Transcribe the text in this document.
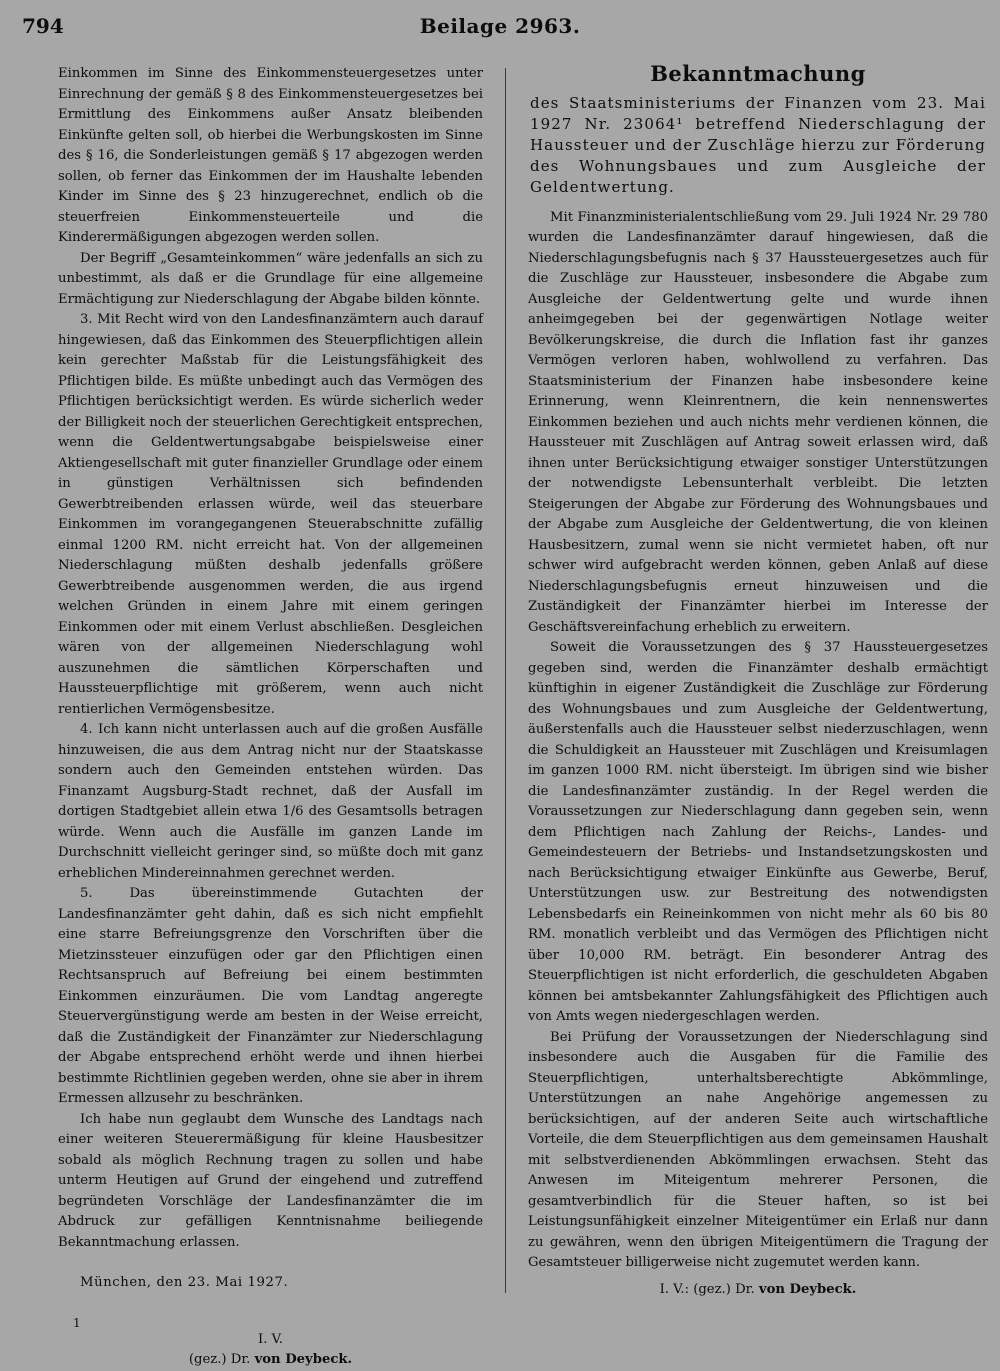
794	Beilage 2963.

Einkommen im Sinne des Einkommensteuergesetzes unter Einrechnung der gemäß § 8 des Einkommensteuergesetzes bei Ermittlung des Einkommens außer Ansatz bleibenden Einkünfte gelten soll, ob hierbei die Werbungskosten im Sinne des § 16, die Sonderleistungen gemäß § 17 abgezogen werden sollen, ob ferner das Einkommen der im Haushalte lebenden Kinder im Sinne des § 23 hinzugerechnet, endlich ob die steuerfreien Einkommensteuerteile und die Kinderermäßigungen abgezogen werden sollen.

Der Begriff „Gesamteinkommen“ wäre jedenfalls an sich zu unbestimmt, als daß er die Grundlage für eine allgemeine Ermächtigung zur Niederschlagung der Abgabe bilden könnte.

3. Mit Recht wird von den Landesfinanzämtern auch darauf hingewiesen, daß das Einkommen des Steuerpflichtigen allein kein gerechter Maßstab für die Leistungsfähigkeit des Pflichtigen bilde. Es müßte unbedingt auch das Vermögen des Pflichtigen berücksichtigt werden. Es würde sicherlich weder der Billigkeit noch der steuerlichen Gerechtigkeit entsprechen, wenn die Geldentwertungsabgabe beispielsweise einer Aktiengesellschaft mit guter finanzieller Grundlage oder einem in günstigen Verhältnissen sich befindenden Gewerbtreibenden erlassen würde, weil das steuerbare Einkommen im vorangegangenen Steuerabschnitte zufällig einmal 1200 RM. nicht erreicht hat. Von der allgemeinen Niederschlagung müßten deshalb jedenfalls größere Gewerbtreibende ausgenommen werden, die aus irgend welchen Gründen in einem Jahre mit einem geringen Einkommen oder mit einem Verlust abschließen. Desgleichen wären von der allgemeinen Niederschlagung wohl auszunehmen die sämtlichen Körperschaften und Haussteuerpflichtige mit größerem, wenn auch nicht rentierlichen Vermögensbesitze.

4. Ich kann nicht unterlassen auch auf die großen Ausfälle hinzuweisen, die aus dem Antrag nicht nur der Staatskasse sondern auch den Gemeinden entstehen würden. Das Finanzamt Augsburg-Stadt rechnet, daß der Ausfall im dortigen Stadtgebiet allein etwa 1/6 des Gesamtsolls betragen würde. Wenn auch die Ausfälle im ganzen Lande im Durchschnitt vielleicht geringer sind, so müßte doch mit ganz erheblichen Mindereinnahmen gerechnet werden.

5. Das übereinstimmende Gutachten der Landesfinanzämter geht dahin, daß es sich nicht empfiehlt eine starre Befreiungsgrenze den Vorschriften über die Mietzinssteuer einzufügen oder gar den Pflichtigen einen Rechtsanspruch auf Befreiung bei einem bestimmten Einkommen einzuräumen. Die vom Landtag angeregte Steuervergünstigung werde am besten in der Weise erreicht, daß die Zuständigkeit der Finanzämter zur Niederschlagung der Abgabe entsprechend erhöht werde und ihnen hierbei bestimmte Richtlinien gegeben werden, ohne sie aber in ihrem Ermessen allzusehr zu beschränken.

Ich habe nun geglaubt dem Wunsche des Landtags nach einer weiteren Steuerermäßigung für kleine Hausbesitzer sobald als möglich Rechnung tragen zu sollen und habe unterm Heutigen auf Grund der eingehend und zutreffend begründeten Vorschläge der Landesfinanzämter die im Abdruck zur gefälligen Kenntnisnahme beiliegende Bekanntmachung erlassen.

München, den 23. Mai 1927.

I. V.

(gez.) Dr. von Deybeck.

Bekanntmachung
des Staatsministeriums der Finanzen vom 23. Mai 1927 Nr. 23064¹ betreffend Niederschlagung der Haussteuer und der Zuschläge hierzu zur Förderung des Wohnungsbaues und zum Ausgleiche der Geldentwertung.

Mit Finanzministerialentschließung vom 29. Juli 1924 Nr. 29 780 wurden die Landesfinanzämter darauf hingewiesen, daß die Niederschlagungsbefugnis nach § 37 Haussteuergesetzes auch für die Zuschläge zur Haussteuer, insbesondere die Abgabe zum Ausgleiche der Geldentwertung gelte und wurde ihnen anheimgegeben bei der gegenwärtigen Notlage weiter Bevölkerungskreise, die durch die Inflation fast ihr ganzes Vermögen verloren haben, wohlwollend zu verfahren. Das Staatsministerium der Finanzen habe insbesondere keine Erinnerung, wenn Kleinrentnern, die kein nennenswertes Einkommen beziehen und auch nichts mehr verdienen können, die Haussteuer mit Zuschlägen auf Antrag soweit erlassen wird, daß ihnen unter Berücksichtigung etwaiger sonstiger Unterstützungen der notwendigste Lebensunterhalt verbleibt. Die letzten Steigerungen der Abgabe zur Förderung des Wohnungsbaues und der Abgabe zum Ausgleiche der Geldentwertung, die von kleinen Hausbesitzern, zumal wenn sie nicht vermietet haben, oft nur schwer wird aufgebracht werden können, geben Anlaß auf diese Niederschlagungsbefugnis erneut hinzuweisen und die Zuständigkeit der Finanzämter hierbei im Interesse der Geschäftsvereinfachung erheblich zu erweitern.

Soweit die Voraussetzungen des § 37 Haussteuergesetzes gegeben sind, werden die Finanzämter deshalb ermächtigt künftighin in eigener Zuständigkeit die Zuschläge zur Förderung des Wohnungsbaues und zum Ausgleiche der Geldentwertung, äußerstenfalls auch die Haussteuer selbst niederzuschlagen, wenn die Schuldigkeit an Haussteuer mit Zuschlägen und Kreisumlagen im ganzen 1000 RM. nicht übersteigt. Im übrigen sind wie bisher die Landesfinanzämter zuständig. In der Regel werden die Voraussetzungen zur Niederschlagung dann gegeben sein, wenn dem Pflichtigen nach Zahlung der Reichs-, Landes- und Gemeindesteuern der Betriebs- und Instandsetzungskosten und nach Berücksichtigung etwaiger Einkünfte aus Gewerbe, Beruf, Unterstützungen usw. zur Bestreitung des notwendigsten Lebensbedarfs ein Reineinkommen von nicht mehr als 60 bis 80 RM. monatlich verbleibt und das Vermögen des Pflichtigen nicht über 10,000 RM. beträgt. Ein besonderer Antrag des Steuerpflichtigen ist nicht erforderlich, die geschuldeten Abgaben können bei amtsbekannter Zahlungsfähigkeit des Pflichtigen auch von Amts wegen niedergeschlagen werden.

Bei Prüfung der Voraussetzungen der Niederschlagung sind insbesondere auch die Ausgaben für die Familie des Steuerpflichtigen, unterhaltsberechtigte Abkömmlinge, Unterstützungen an nahe Angehörige angemessen zu berücksichtigen, auf der anderen Seite auch wirtschaftliche Vorteile, die dem Steuerpflichtigen aus dem gemeinsamen Haushalt mit selbstverdienenden Abkömmlingen erwachsen. Steht das Anwesen im Miteigentum mehrerer Personen, die gesamtverbindlich für die Steuer haften, so ist bei Leistungsunfähigkeit einzelner Miteigentümer ein Erlaß nur dann zu gewähren, wenn den übrigen Miteigentümern die Tragung der Gesamtsteuer billigerweise nicht zugemutet werden kann.

I. V.: (gez.) Dr. von Deybeck.

1
